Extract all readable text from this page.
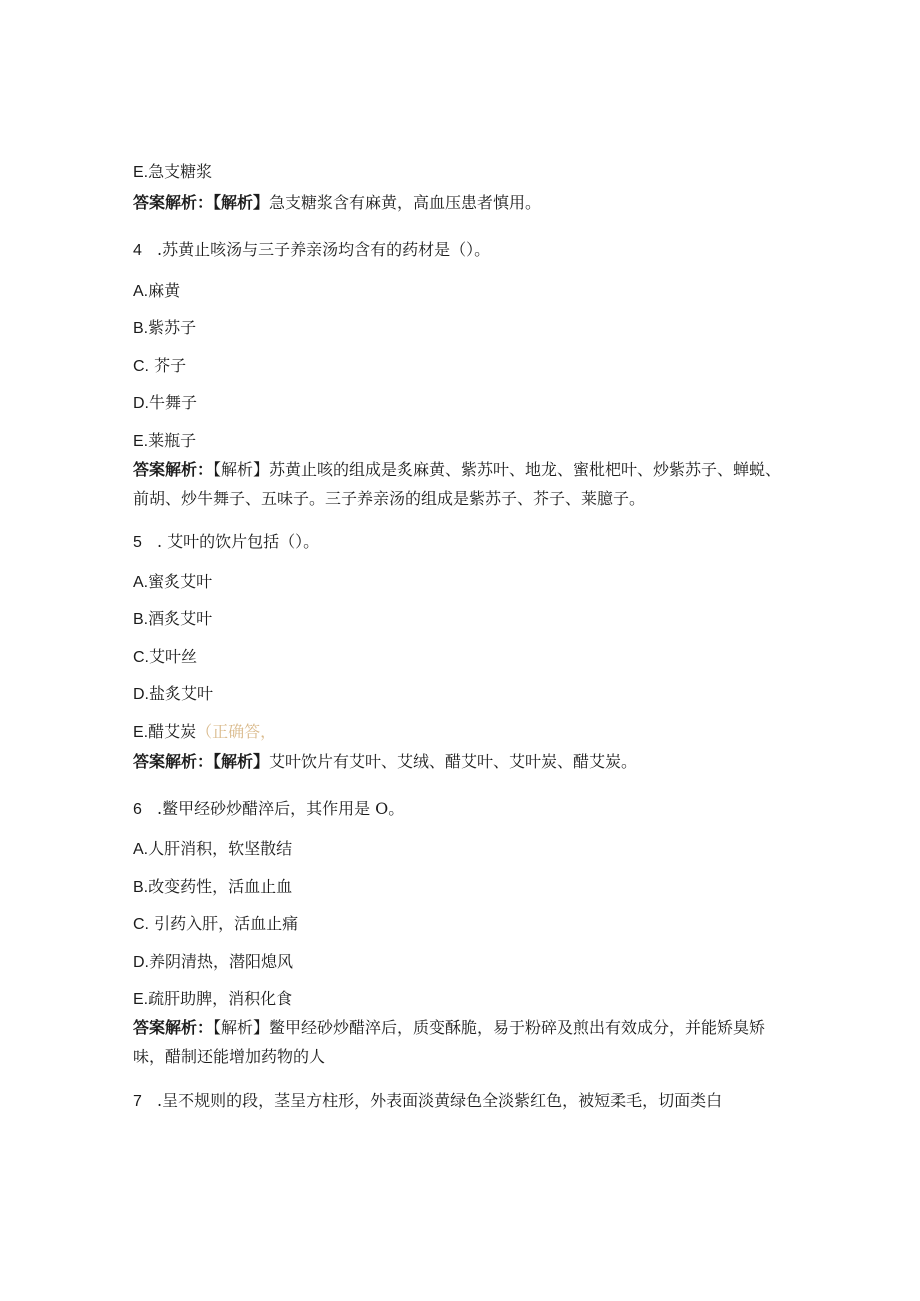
E.急支糖浆
答案解析：【解析】急支糖浆含有麻黄，高血压患者慎用。
4 .苏黄止咳汤与三子养亲汤均含有的药材是（）。
A.麻黄
B.紫苏子
C. 芥子
D.牛舞子
E.莱瓶子
答案解析：【解析】苏黄止咳的组成是炙麻黄、紫苏叶、地龙、蜜枇杷叶、炒紫苏子、蝉蜕、前胡、炒牛舞子、五味子。三子养亲汤的组成是紫苏子、芥子、莱臆子。
5 . 艾叶的饮片包括（）。
A.蜜炙艾叶
B.酒炙艾叶
C.艾叶丝
D.盐炙艾叶
E.醋艾炭（正确答，
答案解析：【解析】艾叶饮片有艾叶、艾绒、醋艾叶、艾叶炭、醋艾炭。
6 .鳖甲经砂炒醋淬后，其作用是 O。
A.人肝消积，软坚散结
B.改变药性，活血止血
C. 引药入肝，活血止痛
D.养阴清热，潜阳熄风
E.疏肝助脾，消积化食
答案解析：【解析】鳖甲经砂炒醋淬后，质变酥脆，易于粉碎及煎出有效成分，并能矫臭矫味，醋制还能增加药物的人
7 .呈不规则的段，茎呈方柱形，外表面淡黄绿色全淡紫红色，被短柔毛，切面类白
